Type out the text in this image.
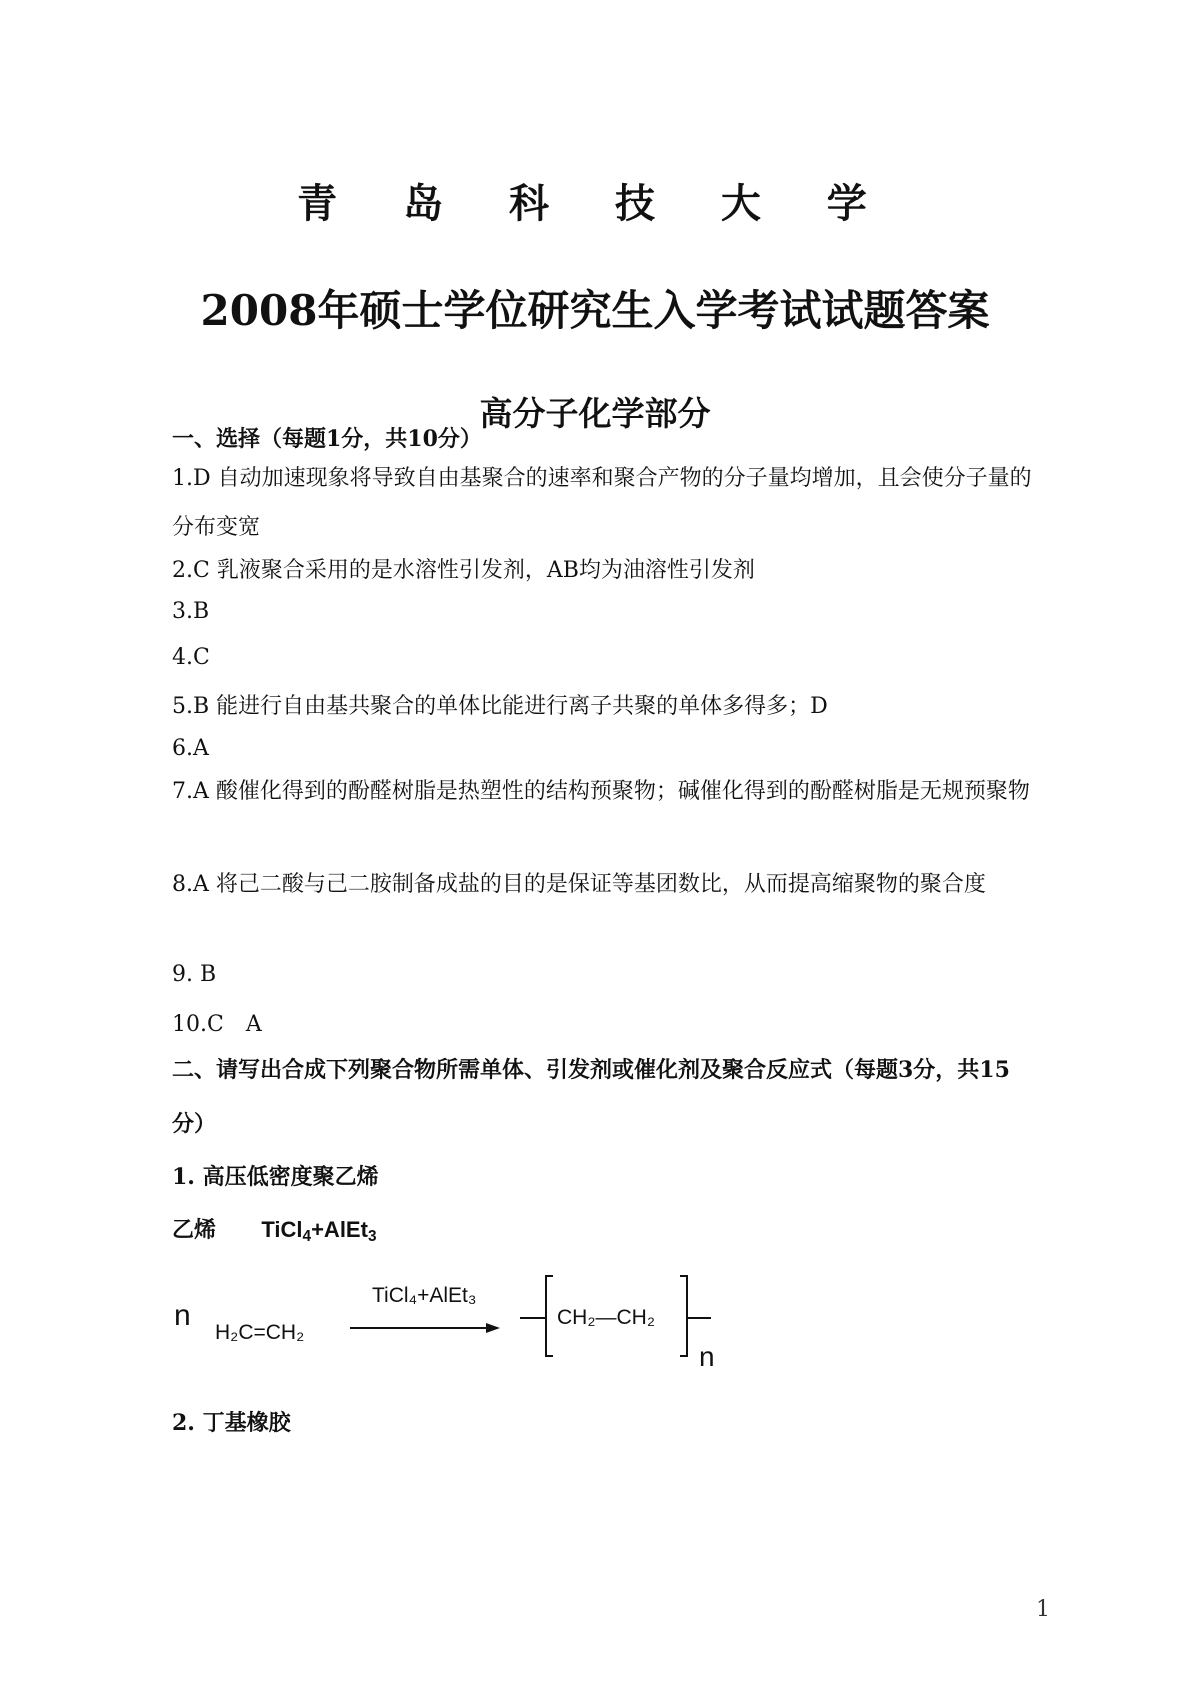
青 岛 科 技 大 学
2008年硕士学位研究生入学考试试题答案
高分子化学部分
一、选择（每题1分，共10分）
1.D 自动加速现象将导致自由基聚合的速率和聚合产物的分子量均增加，且会使分子量的分布变宽
2.C 乳液聚合采用的是水溶性引发剂，AB均为油溶性引发剂
3.B
4.C
5.B 能进行自由基共聚合的单体比能进行离子共聚的单体多得多；D
6.A
7.A 酸催化得到的酚醛树脂是热塑性的结构预聚物；碱催化得到的酚醛树脂是无规预聚物
8.A 将己二酸与己二胺制备成盐的目的是保证等基团数比，从而提高缩聚物的聚合度
9. B
10.C　A
二、请写出合成下列聚合物所需单体、引发剂或催化剂及聚合反应式（每题3分，共15分）
1. 高压低密度聚乙烯
乙烯 TiCl$_4$+AlEt$_3$
n
H₂C=CH₂
TiCl₄+AlEt₃
CH₂—CH₂
n
2. 丁基橡胶
1
